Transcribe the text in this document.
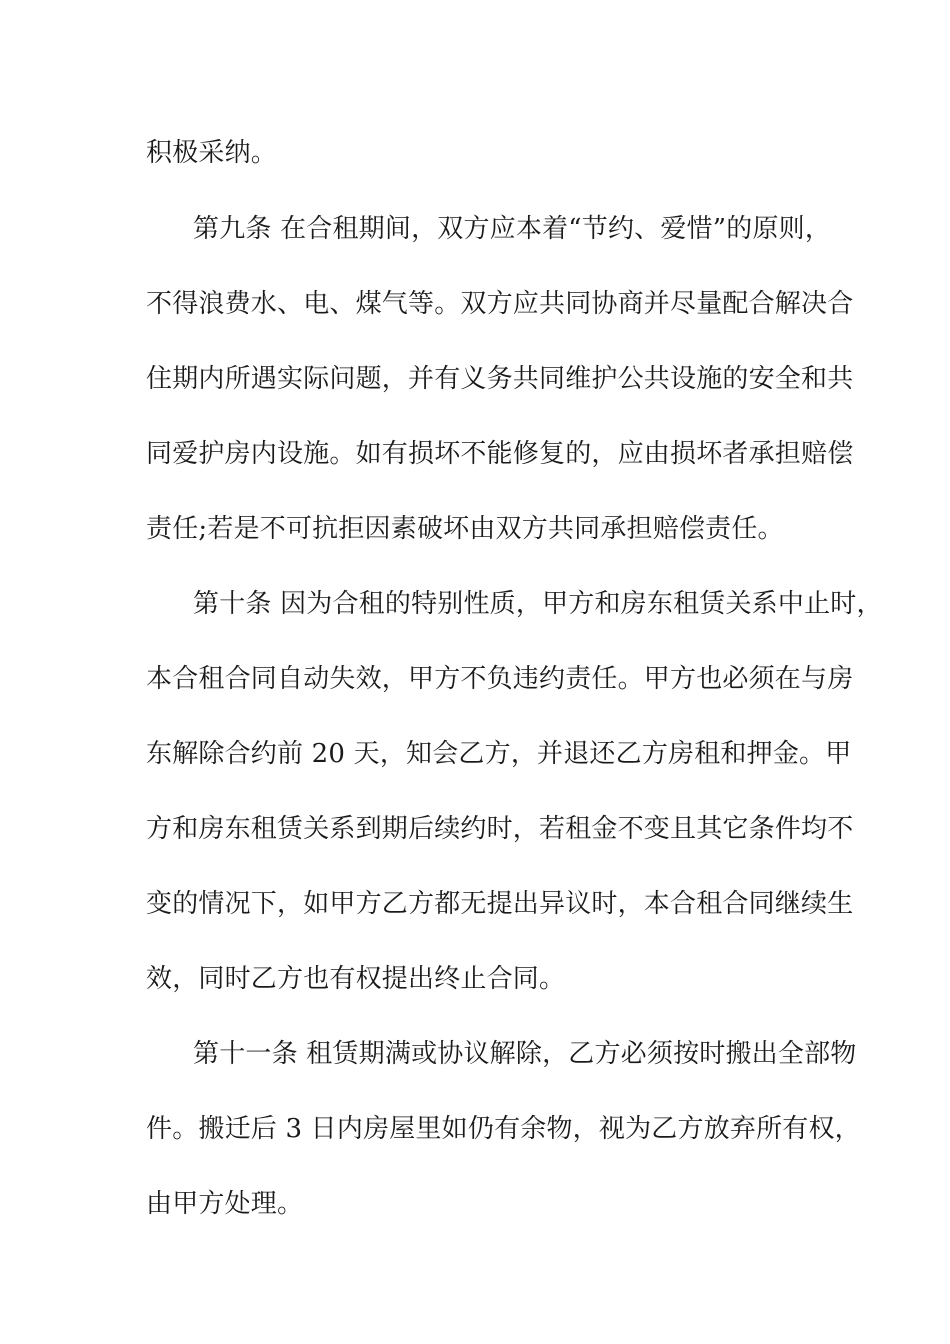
积极采纳。
第九条 在合租期间，双方应本着“节约、爱惜”的原则，
不得浪费水、电、煤气等。双方应共同协商并尽量配合解决合
住期内所遇实际问题，并有义务共同维护公共设施的安全和共
同爱护房内设施。如有损坏不能修复的，应由损坏者承担赔偿
责任;若是不可抗拒因素破坏由双方共同承担赔偿责任。
第十条 因为合租的特别性质，甲方和房东租赁关系中止时，
本合租合同自动失效，甲方不负违约责任。甲方也必须在与房
东解除合约前 20 天，知会乙方，并退还乙方房租和押金。甲
方和房东租赁关系到期后续约时，若租金不变且其它条件均不
变的情况下，如甲方乙方都无提出异议时，本合租合同继续生
效，同时乙方也有权提出终止合同。
第十一条 租赁期满或协议解除，乙方必须按时搬出全部物
件。搬迁后 3 日内房屋里如仍有余物，视为乙方放弃所有权，
由甲方处理。
